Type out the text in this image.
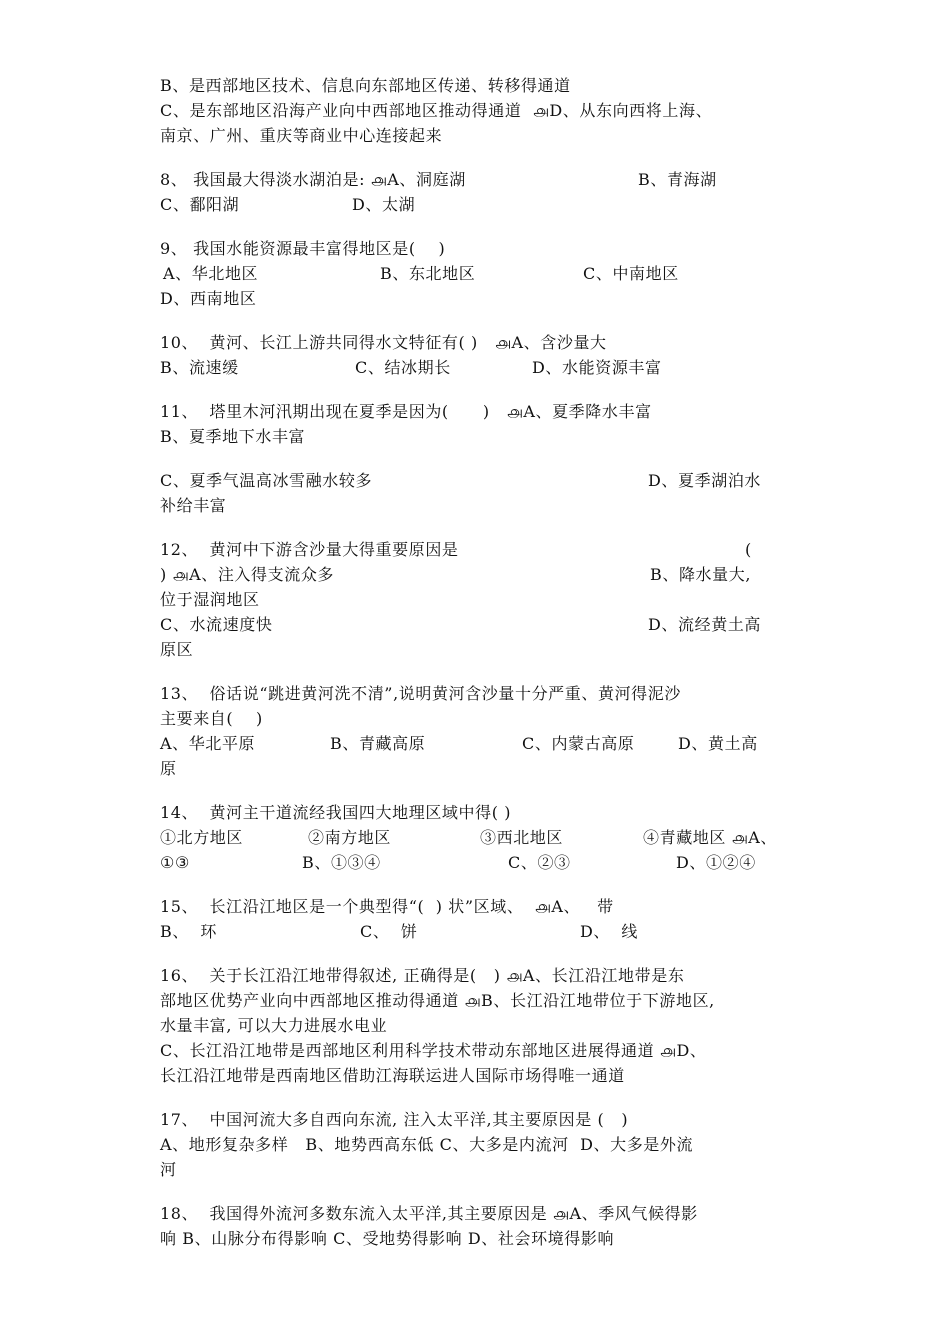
B、是西部地区技术、信息向东部地区传递、转移得通道
C、是东部地区沿海产业向中西部地区推动得通道  ௮D、从东向西将上海、
南京、广州、重庆等商业中心连接起来
8、 我国最大得淡水湖泊是: ௮A、洞庭湖	B、青海湖
C、鄱阳湖	D、太湖
9、 我国水能资源最丰富得地区是(    )
A、华北地区	B、东北地区	C、中南地区
D、西南地区
10、  黄河、长江上游共同得水文特征有( )   ௮A、含沙量大
B、流速缓	C、结冰期长	D、水能资源丰富
11、  塔里木河汛期出现在夏季是因为(      )   ௮A、夏季降水丰富
B、夏季地下水丰富
C、夏季气温高冰雪融水较多	D、夏季湖泊水
补给丰富
12、  黄河中下游含沙量大得重要原因是	(
) ௮A、注入得支流众多	B、降水量大,
位于湿润地区
C、水流速度快	D、流经黄土高
原区
13、  俗话说“跳进黄河洗不清”,说明黄河含沙量十分严重、黄河得泥沙
主要来自(    )
A、华北平原	B、青藏高原	C、内蒙古高原	D、黄土高
原
14、  黄河主干道流经我国四大地理区域中得( )
①北方地区	②南方地区	③西北地区	④青藏地区 ௮A、
①③	B、①③④	C、②③	D、①②④
15、  长江沿江地区是一个典型得“(  ) 状”区域、  ௮A、   带
B、  环	C、  饼	D、  线
16、  关于长江沿江地带得叙述, 正确得是(   ) ௮A、长江沿江地带是东
部地区优势产业向中西部地区推动得通道 ௮B、长江沿江地带位于下游地区,
水量丰富, 可以大力进展水电业
C、长江沿江地带是西部地区利用科学技术带动东部地区进展得通道 ௮D、
长江沿江地带是西南地区借助江海联运进人国际市场得唯一通道
17、  中国河流大多自西向东流, 注入太平洋,其主要原因是 (   )
A、地形复杂多样   B、地势西高东低 C、大多是内流河  D、大多是外流
河
18、  我国得外流河多数东流入太平洋,其主要原因是 ௮A、季风气候得影
响 B、山脉分布得影响 C、受地势得影响 D、社会环境得影响
